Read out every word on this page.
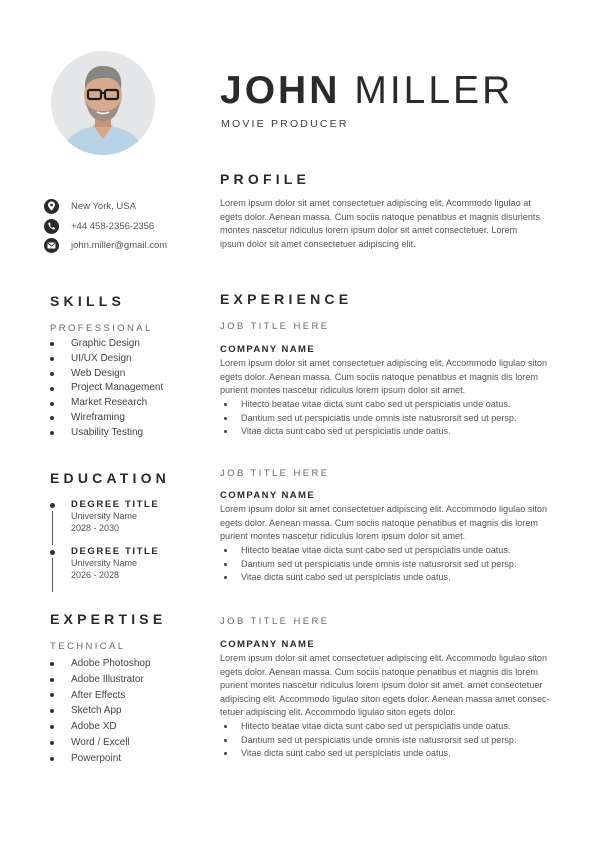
JOHN MILLER
MOVIE PRODUCER
New York, USA
+44 458-2356-2356
john.miller@gmail.com
SKILLS
PROFESSIONAL
Graphic Design
UI/UX Design
Web Design
Project Management
Market Research
Wireframing
Usability Testing
EDUCATION
DEGREE TITLE
University Name
2028 - 2030
DEGREE TITLE
University Name
2026 - 2028
EXPERTISE
TECHNICAL
Adobe Photoshop
Adobe Illustrator
After Effects
Sketch App
Adobe XD
Word / Excell
Powerpoint
PROFILE
Lorem ipsum dolor sit amet consectetuer adipiscing elit. Acommodo ligulao at
egets dolor. Aenean massa. Cum sociis natoque penatibus et magnis disurients
montes nascetur ridiculus lorem ipsum dolor sit amet consectetuer. Lorem
ipsum dolor sit amet consectetuer adipiscing elit.
EXPERIENCE
JOB TITLE HERE
COMPANY NAME
Lorem ipsum dolor sit amet consectetuer adipiscing elit. Accommodo ligulao siton
egets dolor. Aenean massa. Cum sociis natoque penatibus et magnis dis lorem
purient montes nascetur ridiculus lorem ipsum dolor sit amet.
Hitecto beatae vitae dicta sunt cabo sed ut perspiciatis unde oatus.
Dantium sed ut perspiciatis unde omnis iste natusrorsit sed ut persp.
Vitae dicta sunt cabo sed ut perspiciatis unde oatus.
JOB TITLE HERE
COMPANY NAME
Lorem ipsum dolor sit amet consectetuer adipiscing elit. Accommodo ligulao siton
egets dolor. Aenean massa. Cum sociis natoque penatibus et magnis dis lorem
purient montes nascetur ridiculus lorem ipsum dolor sit amet.
Hitecto beatae vitae dicta sunt cabo sed ut perspiciatis unde oatus.
Dantium sed ut perspiciatis unde omnis iste natusrorsit sed ut persp.
Vitae dicta sunt cabo sed ut perspiciatis unde oatus.
JOB TITLE HERE
COMPANY NAME
Lorem ipsum dolor sit amet consectetuer adipiscing elit. Accommodo ligulao siton
egets dolor. Aenean massa. Cum sociis natoque penatibus et magnis dis lorem
purient montes nascetur ridiculus lorem ipsum dolor sit amet. amet consectetuer
adipiscing elit. Accommodo ligulao siton egets dolor. Aenean massa amet consec-
tetuer adipiscing elit. Accommodo ligulao siton egets dolor.
Hitecto beatae vitae dicta sunt cabo sed ut perspiciatis unde oatus.
Dantium sed ut perspiciatis unde omnis iste natusrorsit sed ut persp.
Vitae dicta sunt cabo sed ut perspiciatis unde oatus.
